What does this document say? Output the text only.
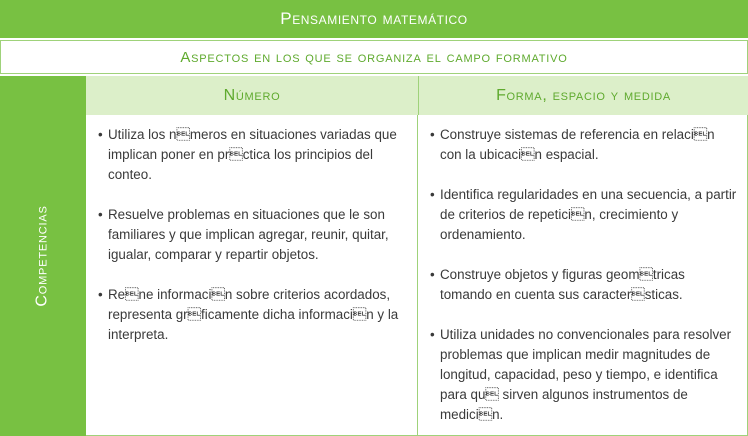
Pensamiento matemático
Aspectos en los que se organiza el campo formativo
Competencias
Número	Forma, espacio y medida
• Utiliza los nmeros en situaciones variadas que implican poner en prctica los principios del conteo.
• Resuelve problemas en situaciones que le son familiares y que implican agregar, reunir, quitar, igualar, comparar y repartir objetos.
• Rene informacin sobre criterios acordados, representa grficamente dicha informacin y la interpreta.
• Construye sistemas de referencia en relacin con la ubicacin espacial.
• Identifica regularidades en una secuencia, a partir de criterios de repeticin, crecimiento y ordenamiento.
• Construye objetos y figuras geomtricas tomando en cuenta sus caractersticas.
• Utiliza unidades no convencionales para resolver problemas que implican medir magnitudes de longitud, capacidad, peso y tiempo, e identifica para qu sirven algunos instrumentos de medicin.
